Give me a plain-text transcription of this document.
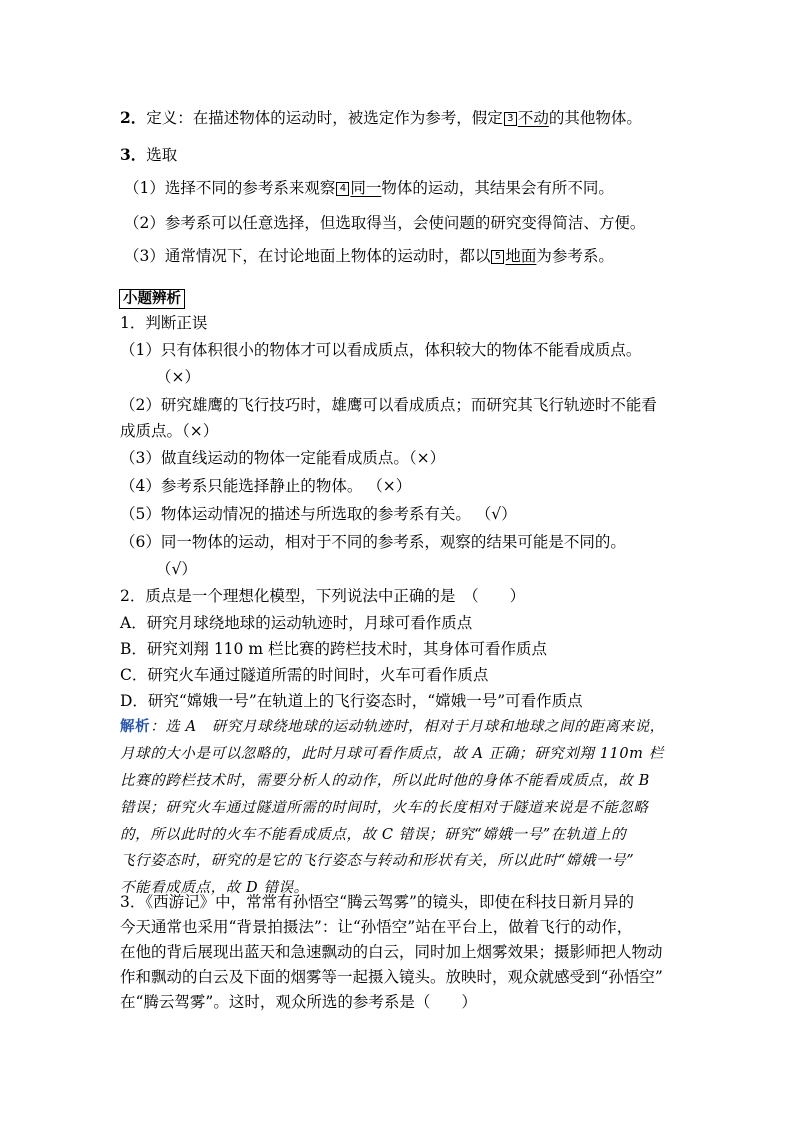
2．定义：在描述物体的运动时，被选定作为参考，假定 3 不动的其他物体。
3．选取
（1）选择不同的参考系来观察 4 同一物体的运动，其结果会有所不同。
（2）参考系可以任意选择，但选取得当，会使问题的研究变得简洁、方便。
（3）通常情况下，在讨论地面上物体的运动时，都以 5 地面为参考系。
小题辨析
1．判断正误
（1）只有体积很小的物体才可以看成质点，体积较大的物体不能看成质点。
（×）
（2）研究雄鹰的飞行技巧时，雄鹰可以看成质点；而研究其飞行轨迹时不能看
成质点。（×）
（3）做直线运动的物体一定能看成质点。（×）
（4）参考系只能选择静止的物体。 （×）
（5）物体运动情况的描述与所选取的参考系有关。 （√）
（6）同一物体的运动，相对于不同的参考系，观察的结果可能是不同的。
（√）
2．质点是一个理想化模型，下列说法中正确的是　（　　）
A．研究月球绕地球的运动轨迹时，月球可看作质点
B．研究刘翔 110 m 栏比赛的跨栏技术时，其身体可看作质点
C．研究火车通过隧道所需的时间时，火车可看作质点
D．研究“嫦娥一号”在轨道上的飞行姿态时，“嫦娥一号”可看作质点
解析：选 A　研究月球绕地球的运动轨迹时，相对于月球和地球之间的距离来说，
月球的大小是可以忽略的，此时月球可看作质点，故 A 正确；研究刘翔 110m 栏
比赛的跨栏技术时，需要分析人的动作，所以此时他的身体不能看成质点，故 B
错误；研究火车通过隧道所需的时间时，火车的长度相对于隧道来说是不能忽略
的，所以此时的火车不能看成质点，故 C 错误；研究“嫦娥一号”在轨道上的
飞行姿态时，研究的是它的飞行姿态与转动和形状有关，所以此时“嫦娥一号”
不能看成质点，故 D 错误。
3．《西游记》中，常常有孙悟空“腾云驾雾”的镜头，即使在科技日新月异的
今天通常也采用“背景拍摄法”：让“孙悟空”站在平台上，做着飞行的动作，
在他的背后展现出蓝天和急速飘动的白云，同时加上烟雾效果；摄影师把人物动
作和飘动的白云及下面的烟雾等一起摄入镜头。放映时，观众就感受到“孙悟空”
在“腾云驾雾”。这时，观众所选的参考系是（　　）
